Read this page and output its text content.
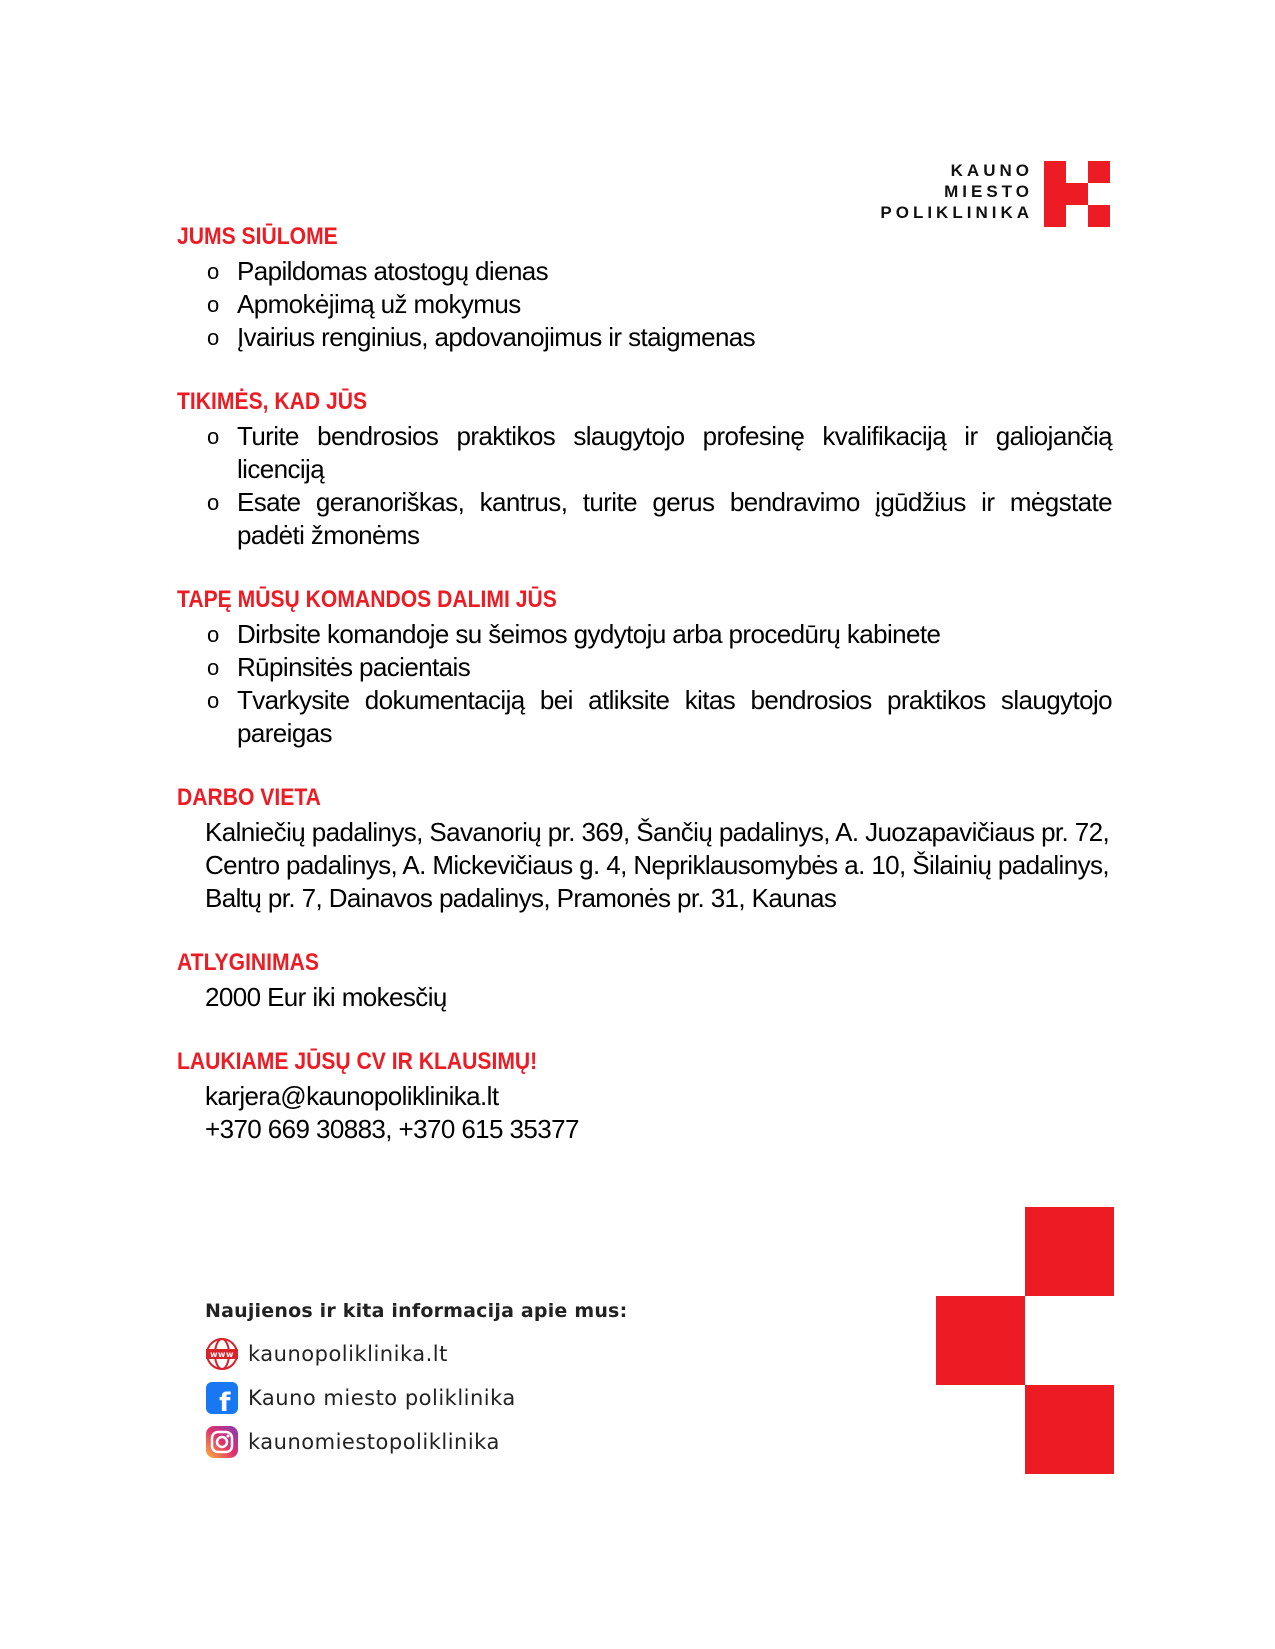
KAUNO
MIESTO
POLIKLINIKA
JUMS SIŪLOME
o Papildomas atostogų dienas
o Apmokėjimą už mokymus
o Įvairius renginius, apdovanojimus ir staigmenas
TIKIMĖS, KAD JŪS
o Turite bendrosios praktikos slaugytojo profesinę kvalifikaciją ir galiojančią licenciją
o Esate geranoriškas, kantrus, turite gerus bendravimo įgūdžius ir mėgstate padėti žmonėms
TAPĘ MŪSŲ KOMANDOS DALIMI JŪS
o Dirbsite komandoje su šeimos gydytoju arba procedūrų kabinete
o Rūpinsitės pacientais
o Tvarkysite dokumentaciją bei atliksite kitas bendrosios praktikos slaugytojo pareigas
DARBO VIETA
Kalniečių padalinys, Savanorių pr. 369, Šančių padalinys, A. Juozapavičiaus pr. 72,
Centro padalinys, A. Mickevičiaus g. 4, Nepriklausomybės a. 10, Šilainių padalinys,
Baltų pr. 7, Dainavos padalinys, Pramonės pr. 31, Kaunas
ATLYGINIMAS
2000 Eur iki mokesčių
LAUKIAME JŪSŲ CV IR KLAUSIMŲ!
karjera@kaunopoliklinika.lt
+370 669 30883, +370 615 35377
Naujienos ir kita informacija apie mus:
www kaunopoliklinika.lt
f Kauno miesto poliklinika
kaunomiestopoliklinika
